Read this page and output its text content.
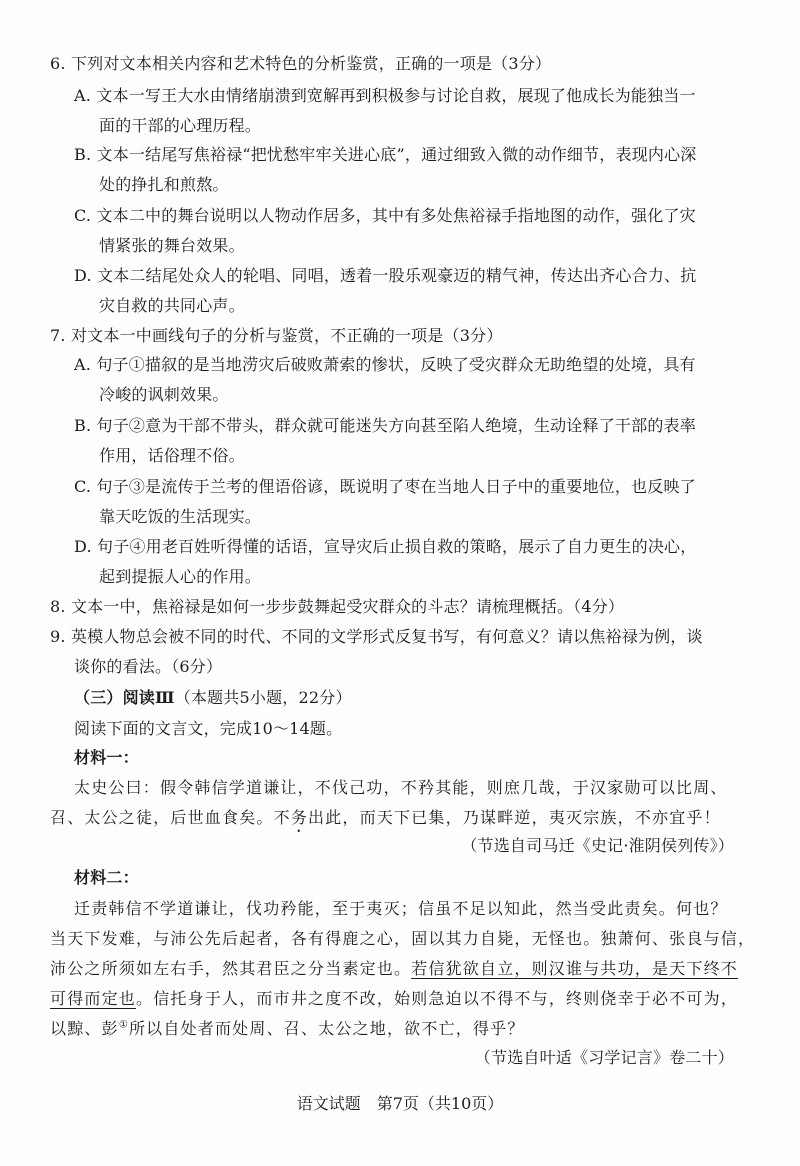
6. 下列对文本相关内容和艺术特色的分析鉴赏，正确的一项是（3分）
A. 文本一写王大水由情绪崩溃到宽解再到积极参与讨论自救，展现了他成长为能独当一
面的干部的心理历程。
B. 文本一结尾写焦裕禄“把忧愁牢牢关进心底”，通过细致入微的动作细节，表现内心深
处的挣扎和煎熬。
C. 文本二中的舞台说明以人物动作居多，其中有多处焦裕禄手指地图的动作，强化了灾
情紧张的舞台效果。
D. 文本二结尾处众人的轮唱、同唱，透着一股乐观豪迈的精气神，传达出齐心合力、抗
灾自救的共同心声。
7. 对文本一中画线句子的分析与鉴赏，不正确的一项是（3分）
A. 句子①描叙的是当地涝灾后破败萧索的惨状，反映了受灾群众无助绝望的处境，具有
冷峻的讽刺效果。
B. 句子②意为干部不带头，群众就可能迷失方向甚至陷人绝境，生动诠释了干部的表率
作用，话俗理不俗。
C. 句子③是流传于兰考的俚语俗谚，既说明了枣在当地人日子中的重要地位，也反映了
靠天吃饭的生活现实。
D. 句子④用老百姓听得懂的话语，宣导灾后止损自救的策略，展示了自力更生的决心，
起到提振人心的作用。
8. 文本一中，焦裕禄是如何一步步鼓舞起受灾群众的斗志？请梳理概括。（4分）
9. 英模人物总会被不同的时代、不同的文学形式反复书写，有何意义？请以焦裕禄为例，谈
谈你的看法。（6分）
（三）阅读Ⅲ（本题共5小题，22分）
阅读下面的文言文，完成10～14题。
材料一：
太史公曰：假令韩信学道谦让，不伐己功，不矜其能，则庶几哉，于汉家勋可以比周、
召、太公之徒，后世血食矣。不务出此，而天下已集，乃谋畔逆，夷灭宗族，不亦宜乎！
（节选自司马迁《史记·淮阴侯列传》）
材料二：
迁责韩信不学道谦让，伐功矜能，至于夷灭；信虽不足以知此，然当受此责矣。何也？
当天下发难，与沛公先后起者，各有得鹿之心，固以其力自毙，无怪也。独萧何、张良与信，
沛公之所须如左右手，然其君臣之分当素定也。若信犹欲自立，则汉谁与共功，是天下终不
可得而定也。信托身于人，而市井之度不改，始则急迫以不得不与，终则侥幸于必不可为，
以黥、彭①所以自处者而处周、召、太公之地，欲不亡，得乎？
（节选自叶适《习学记言》卷二十）
语文试题　第7页（共10页）
